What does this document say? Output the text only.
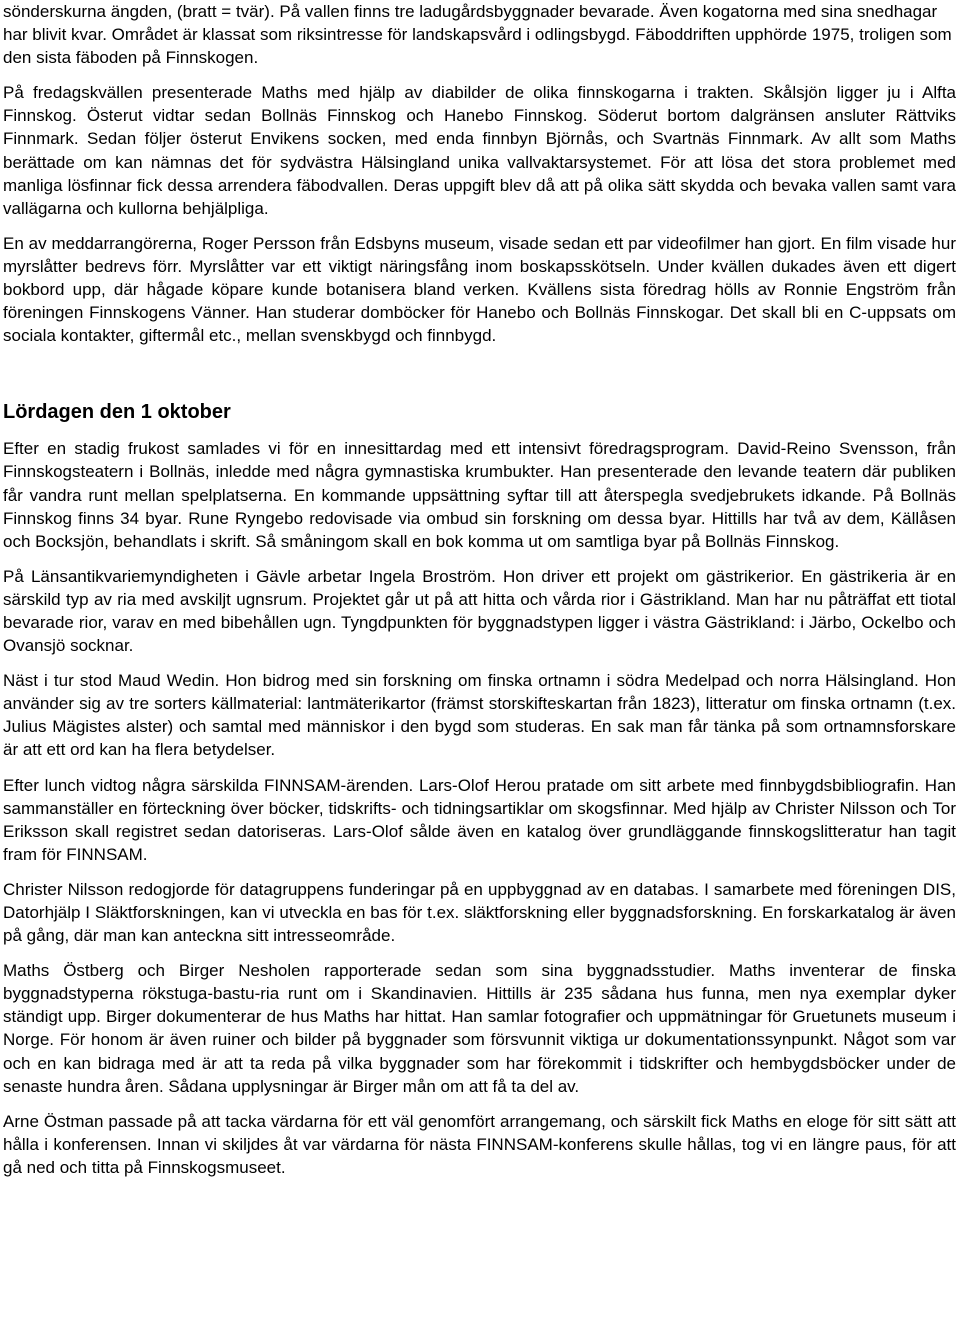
sönderskurna ängden, (bratt = tvär). På vallen finns tre ladugårdsbyggnader bevarade. Även kogatorna med sina snedhagar har blivit kvar. Området är klassat som riksintresse för landskapsvård i odlingsbygd. Fäboddriften upphörde 1975, troligen som den sista fäboden på Finnskogen.

På fredagskvällen presenterade Maths med hjälp av diabilder de olika finnskogarna i trakten. Skålsjön ligger ju i Alfta Finnskog. Österut vidtar sedan Bollnäs Finnskog och Hanebo Finnskog. Söderut bortom dalgränsen ansluter Rättviks Finnmark. Sedan följer österut Envikens socken, med enda finnbyn Björnås, och Svartnäs Finnmark. Av allt som Maths berättade om kan nämnas det för sydvästra Hälsingland unika vallvaktarsystemet. För att lösa det stora problemet med manliga lösfinnar fick dessa arrendera fäbodvallen. Deras uppgift blev då att på olika sätt skydda och bevaka vallen samt vara vallägarna och kullorna behjälpliga.

En av meddarrangörerna, Roger Persson från Edsbyns museum, visade sedan ett par videofilmer han gjort. En film visade hur myrslåtter bedrevs förr. Myrslåtter var ett viktigt näringsfång inom boskapsskötseln. Under kvällen dukades även ett digert bokbord upp, där hågade köpare kunde botanisera bland verken. Kvällens sista föredrag hölls av Ronnie Engström från föreningen Finnskogens Vänner. Han studerar domböcker för Hanebo och Bollnäs Finnskogar. Det skall bli en C-uppsats om sociala kontakter, giftermål etc., mellan svenskbygd och finnbygd.

Lördagen den 1 oktober

Efter en stadig frukost samlades vi för en innesittardag med ett intensivt föredragsprogram. David-Reino Svensson, från Finnskogsteatern i Bollnäs, inledde med några gymnastiska krumbukter. Han presenterade den levande teatern där publiken får vandra runt mellan spelplatserna. En kommande uppsättning syftar till att återspegla svedjebrukets idkande. På Bollnäs Finnskog finns 34 byar. Rune Ryngebo redovisade via ombud sin forskning om dessa byar. Hittills har två av dem, Källåsen och Bocksjön, behandlats i skrift. Så småningom skall en bok komma ut om samtliga byar på Bollnäs Finnskog.

På Länsantikvariemyndigheten i Gävle arbetar Ingela Broström. Hon driver ett projekt om gästrikerior. En gästrikeria är en särskild typ av ria med avskiljt ugnsrum. Projektet går ut på att hitta och vårda rior i Gästrikland. Man har nu påträffat ett tiotal bevarade rior, varav en med bibehållen ugn. Tyngdpunkten för byggnadstypen ligger i västra Gästrikland: i Järbo, Ockelbo och Ovansjö socknar.

Näst i tur stod Maud Wedin. Hon bidrog med sin forskning om finska ortnamn i södra Medelpad och norra Hälsingland. Hon använder sig av tre sorters källmaterial: lantmäterikartor (främst storskifteskartan från 1823), litteratur om finska ortnamn (t.ex. Julius Mägistes alster) och samtal med människor i den bygd som studeras. En sak man får tänka på som ortnamnsforskare är att ett ord kan ha flera betydelser.

Efter lunch vidtog några särskilda FINNSAM-ärenden. Lars-Olof Herou pratade om sitt arbete med finnbygdsbibliografin. Han sammanställer en förteckning över böcker, tidskrifts- och tidningsartiklar om skogsfinnar. Med hjälp av Christer Nilsson och Tor Eriksson skall registret sedan datoriseras. Lars-Olof sålde även en katalog över grundläggande finnskogslitteratur han tagit fram för FINNSAM.

Christer Nilsson redogjorde för datagruppens funderingar på en uppbyggnad av en databas. I samarbete med föreningen DIS, Datorhjälp I Släktforskningen, kan vi utveckla en bas för t.ex. släktforskning eller byggnadsforskning. En forskarkatalog är även på gång, där man kan anteckna sitt intresseområde.

Maths Östberg och Birger Nesholen rapporterade sedan som sina byggnadsstudier. Maths inventerar de finska byggnadstyperna rökstuga-bastu-ria runt om i Skandinavien. Hittills är 235 sådana hus funna, men nya exemplar dyker ständigt upp. Birger dokumenterar de hus Maths har hittat. Han samlar fotografier och uppmätningar för Gruetunets museum i Norge. För honom är även ruiner och bilder på byggnader som försvunnit viktiga ur dokumentationssynpunkt. Något som var och en kan bidraga med är att ta reda på vilka byggnader som har förekommit i tidskrifter och hembygdsböcker under de senaste hundra åren. Sådana upplysningar är Birger mån om att få ta del av.

Arne Östman passade på att tacka värdarna för ett väl genomfört arrangemang, och särskilt fick Maths en eloge för sitt sätt att hålla i konferensen. Innan vi skiljdes åt var värdarna för nästa FINNSAM-konferens skulle hållas, tog vi en längre paus, för att gå ned och titta på Finnskogsmuseet.
